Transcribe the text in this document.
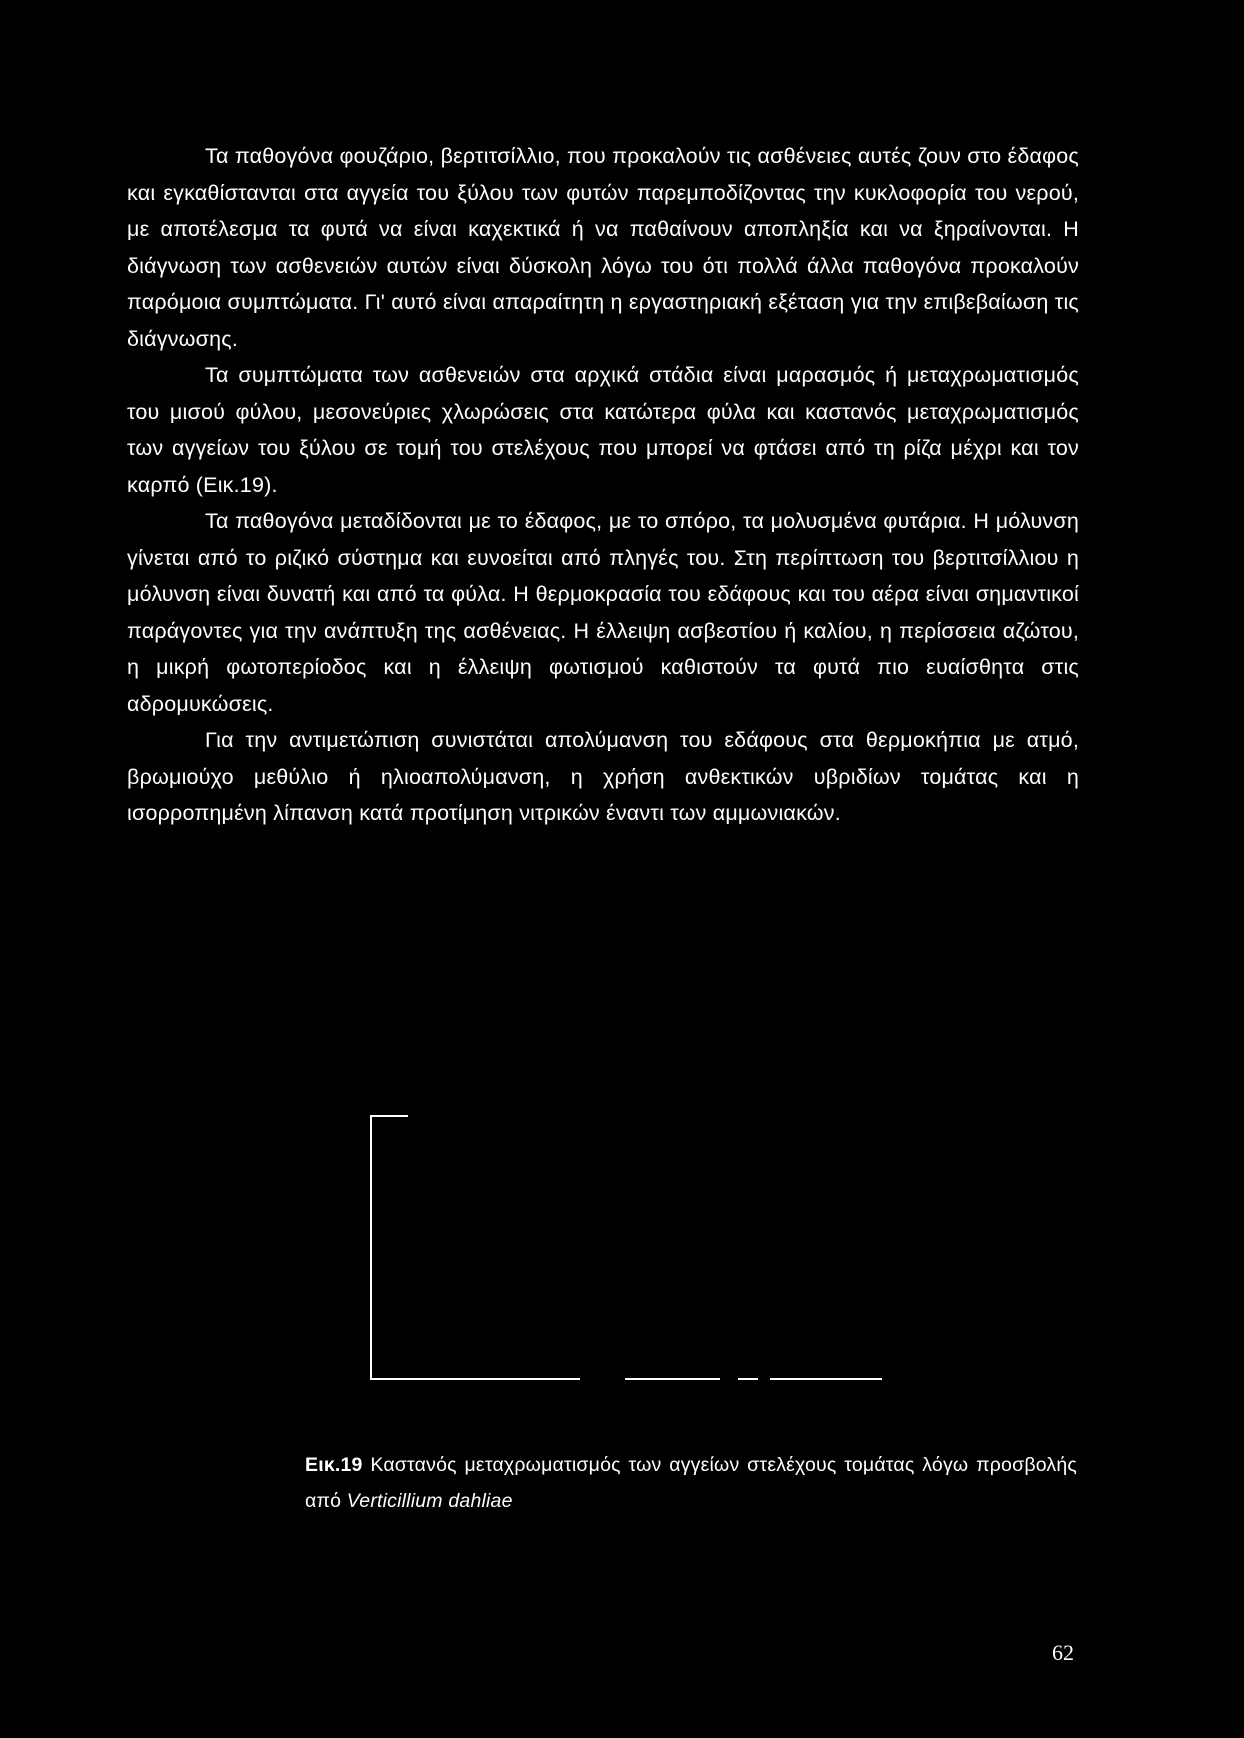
Τα παθογόνα φουζάριο, βερτιτσίλλιο, που προκαλούν τις ασθένειες αυτές ζουν στο έδαφος και εγκαθίστανται στα αγγεία του ξύλου των φυτών παρεμποδίζοντας την κυκλοφορία του νερού, με αποτέλεσμα τα φυτά να είναι καχεκτικά ή να παθαίνουν αποπληξία και να ξηραίνονται. Η διάγνωση των ασθενειών αυτών είναι δύσκολη λόγω του ότι πολλά άλλα παθογόνα προκαλούν παρόμοια συμπτώματα. Γι' αυτό είναι απαραίτητη η εργαστηριακή εξέταση για την επιβεβαίωση τις διάγνωσης.

Τα συμπτώματα των ασθενειών στα αρχικά στάδια είναι μαρασμός ή μεταχρωματισμός του μισού φύλου, μεσονεύριες χλωρώσεις στα κατώτερα φύλα και καστανός μεταχρωματισμός των αγγείων του ξύλου σε τομή του στελέχους που μπορεί να φτάσει από τη ρίζα μέχρι και τον καρπό (Εικ.19).

Τα παθογόνα μεταδίδονται με το έδαφος, με το σπόρο, τα μολυσμένα φυτάρια. Η μόλυνση γίνεται από το ριζικό σύστημα και ευνοείται από πληγές του. Στη περίπτωση του βερτιτσίλλιου η μόλυνση είναι δυνατή και από τα φύλα. Η θερμοκρασία του εδάφους και του αέρα είναι σημαντικοί παράγοντες για την ανάπτυξη της ασθένειας. Η έλλειψη ασβεστίου ή καλίου, η περίσσεια αζώτου, η μικρή φωτοπερίοδος και η έλλειψη φωτισμού καθιστούν τα φυτά πιο ευαίσθητα στις αδρομυκώσεις.

Για την αντιμετώπιση συνιστάται απολύμανση του εδάφους στα θερμοκήπια με ατμό, βρωμιούχο μεθύλιο ή ηλιοαπολύμανση, η χρήση ανθεκτικών υβριδίων τομάτας και η ισορροπημένη λίπανση κατά προτίμηση νιτρικών έναντι των αμμωνιακών.

Εικ.19 Καστανός μεταχρωματισμός των αγγείων στελέχους τομάτας λόγω προσβολής από Verticillium dahliae
62
